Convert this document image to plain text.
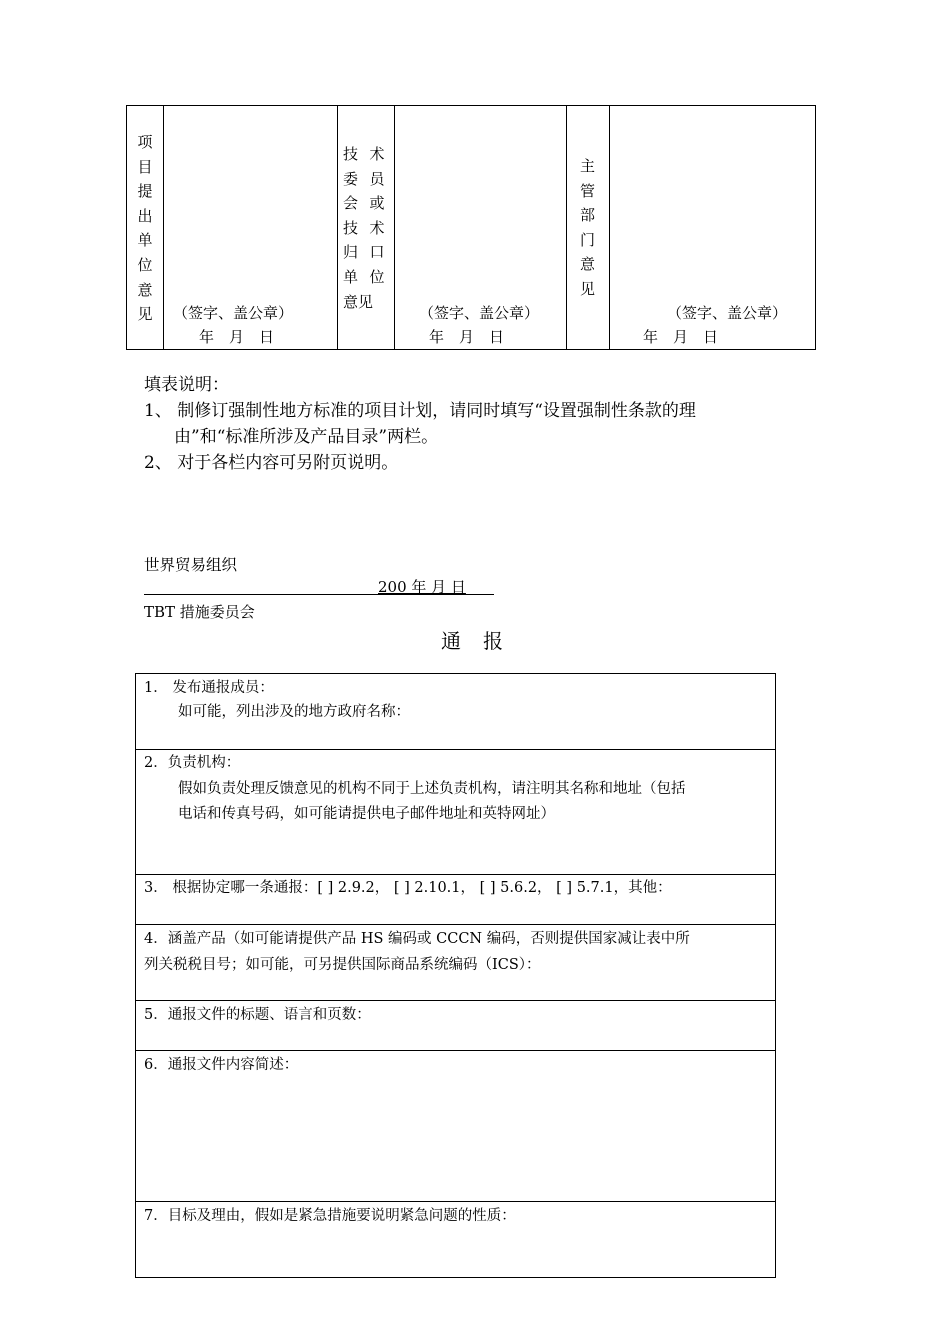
项
目
提
出
单
位
意
见	（签字、盖公章）
年　月　日
技
委
会
技
归
单
意见
术
员
或
术
口
位
（签字、盖公章）
年　月　日
主
管
部
门
意
见
（签字、盖公章）
年　月　日
填表说明：
1、 制修订强制性地方标准的项目计划，请同时填写“设置强制性条款的理
由”和“标准所涉及产品目录”两栏。
2、 对于各栏内容可另附页说明。
世界贸易组织
200 年 月 日
TBT 措施委员会
通　报
1． 发布通报成员：
如可能，列出涉及的地方政府名称：
2．负责机构：
假如负责处理反馈意见的机构不同于上述负责机构，请注明其名称和地址（包括
电话和传真号码，如可能请提供电子邮件地址和英特网址）
3． 根据协定哪一条通报：[ ] 2.9.2， [ ] 2.10.1， [ ] 5.6.2， [ ] 5.7.1，其他：
4．涵盖产品（如可能请提供产品 HS 编码或 CCCN 编码，否则提供国家减让表中所
列关税税目号；如可能，可另提供国际商品系统编码（ICS）：
5．通报文件的标题、语言和页数：
6．通报文件内容简述：
7．目标及理由，假如是紧急措施要说明紧急问题的性质：
